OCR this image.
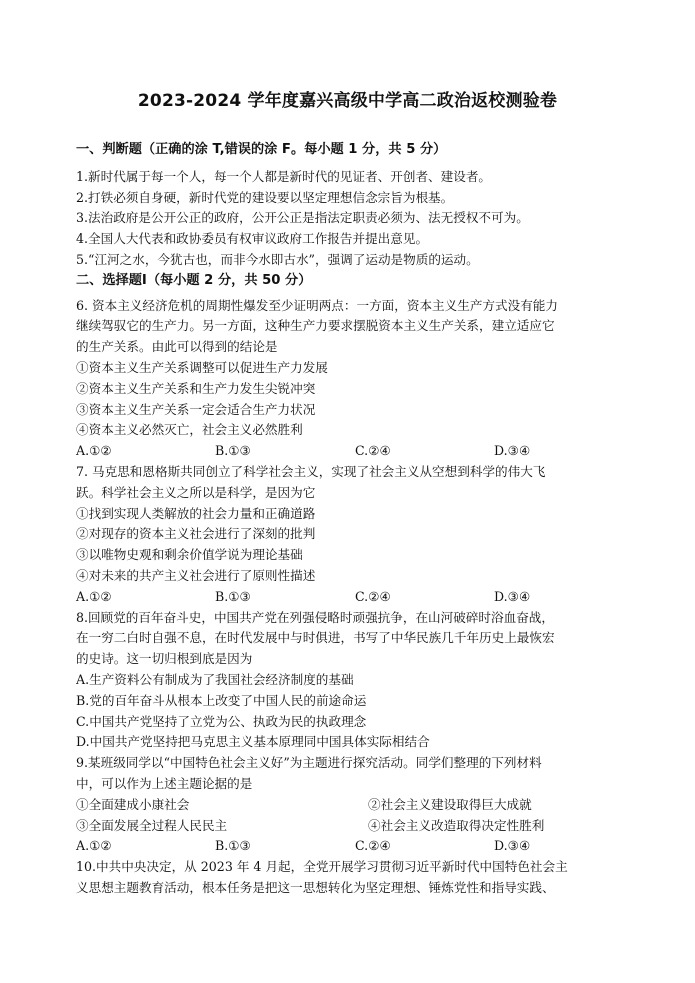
2023-2024 学年度嘉兴高级中学高二政治返校测验卷
一、判断题（正确的涂 T,错误的涂 F。每小题 1 分，共 5 分）
1.新时代属于每一个人，每一个人都是新时代的见证者、开创者、建设者。
2.打铁必须自身硬，新时代党的建设要以坚定理想信念宗旨为根基。
3.法治政府是公开公正的政府，公开公正是指法定职责必须为、法无授权不可为。
4.全国人大代表和政协委员有权审议政府工作报告并提出意见。
5.“江河之水，今犹古也，而非今水即古水”，强调了运动是物质的运动。
二、选择题Ⅰ（每小题 2 分，共 50 分）
6. 资本主义经济危机的周期性爆发至少证明两点：一方面，资本主义生产方式没有能力
继续驾驭它的生产力。另一方面，这种生产力要求摆脱资本主义生产关系，建立适应它
的生产关系。由此可以得到的结论是
①资本主义生产关系调整可以促进生产力发展
②资本主义生产关系和生产力发生尖锐冲突
③资本主义生产关系一定会适合生产力状况
④资本主义必然灭亡，社会主义必然胜利
A.①②	B.①③	C.②④	D.③④
7. 马克思和恩格斯共同创立了科学社会主义，实现了社会主义从空想到科学的伟大飞
跃。科学社会主义之所以是科学，是因为它
①找到实现人类解放的社会力量和正确道路
②对现存的资本主义社会进行了深刻的批判
③以唯物史观和剩余价值学说为理论基础
④对未来的共产主义社会进行了原则性描述
A.①②	B.①③	C.②④	D.③④
8.回顾党的百年奋斗史，中国共产党在列强侵略时顽强抗争，在山河破碎时浴血奋战，
在一穷二白时自强不息，在时代发展中与时俱进，书写了中华民族几千年历史上最恢宏
的史诗。这一切归根到底是因为
A.生产资料公有制成为了我国社会经济制度的基础
B.党的百年奋斗从根本上改变了中国人民的前途命运
C.中国共产党坚持了立党为公、执政为民的执政理念
D.中国共产党坚持把马克思主义基本原理同中国具体实际相结合
9.某班级同学以“中国特色社会主义好”为主题进行探究活动。同学们整理的下列材料
中，可以作为上述主题论据的是
①全面建成小康社会	②社会主义建设取得巨大成就
③全面发展全过程人民民主	④社会主义改造取得决定性胜利
A.①②	B.①③	C.②④	D.③④
10.中共中央决定，从 2023 年 4 月起，全党开展学习贯彻习近平新时代中国特色社会主
义思想主题教育活动，根本任务是把这一思想转化为坚定理想、锤炼党性和指导实践、
